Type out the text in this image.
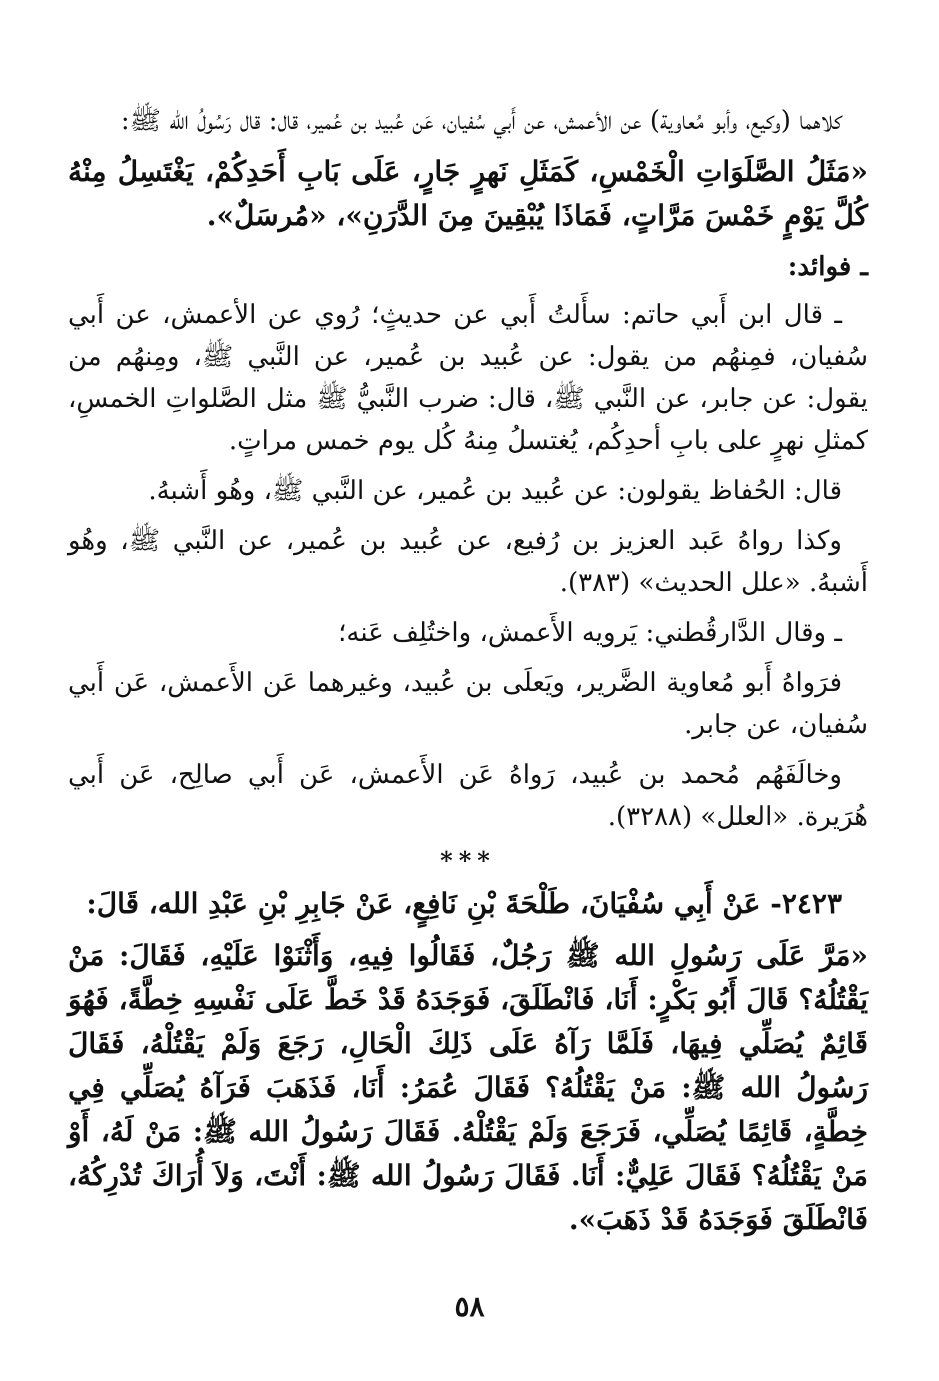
كلاهما (وكيع، وأبو مُعاوية) عن الأعمش، عن أَبي سُفيان، عَن عُبيد بن عُمير، قال: قال رَسُولُ الله ﷺ:

«مَثَلُ الصَّلَوَاتِ الْخَمْسِ، كَمَثَلِ نَهرٍ جَارٍ، عَلَى بَابِ أَحَدِكُمْ، يَغْتَسِلُ مِنْهُ كُلَّ يَوْمٍ خَمْسَ مَرَّاتٍ، فَمَاذَا يُبْقِينَ مِنَ الدَّرَنِ»، «مُرسَلٌ».

ـ فوائد:

ـ قال ابن أَبي حاتم: سأَلتُ أَبي عن حديثٍ؛ رُوي عن الأعمش، عن أَبي سُفيان، فمِنهُم من يقول: عن عُبيد بن عُمير، عن النَّبي ﷺ، ومِنهُم من يقول: عن جابر، عن النَّبي ﷺ، قال: ضرب النَّبيُّ ﷺ مثل الصَّلواتِ الخمسِ، كمثلِ نهرٍ على بابِ أحدِكُم، يُغتسلُ مِنهُ كُل يوم خمس مراتٍ.

قال: الحُفاظ يقولون: عن عُبيد بن عُمير، عن النَّبي ﷺ، وهُو أَشبهُ.

وكذا رواهُ عَبد العزيز بن رُفيع، عن عُبيد بن عُمير، عن النَّبي ﷺ، وهُو أَشبهُ. «علل الحديث» (٣٨٣).

ـ وقال الدَّارقُطني: يَرويه الأَعمش، واختُلِف عَنه؛

فرَواهُ أَبو مُعاوية الضَّرير، ويَعلَى بن عُبيد، وغيرهما عَن الأَعمش، عَن أَبي سُفيان، عن جابر.

وخالَفَهُم مُحمد بن عُبيد، رَواهُ عَن الأَعمش، عَن أَبي صالِح، عَن أَبي هُرَيرة. «العلل» (٣٢٨٨).

***

٢٤٢٣- عَنْ أَبِي سُفْيَانَ، طَلْحَةَ بْنِ نَافِعٍ، عَنْ جَابِرِ بْنِ عَبْدِ الله، قَالَ:

«مَرَّ عَلَى رَسُولِ الله ﷺ رَجُلٌ، فَقَالُوا فِيهِ، وَأَثْنَوْا عَلَيْهِ، فَقَالَ: مَنْ يَقْتُلُهُ؟ قَالَ أَبُو بَكْرٍ: أَنَا، فَانْطَلَقَ، فَوَجَدَهُ قَدْ خَطَّ عَلَى نَفْسِهِ خِطَّةً، فَهُوَ قَائِمٌ يُصَلِّي فِيهَا، فَلَمَّا رَآهُ عَلَى ذَلِكَ الْحَالِ، رَجَعَ وَلَمْ يَقْتُلْهُ، فَقَالَ رَسُولُ الله ﷺ: مَنْ يَقْتُلُهُ؟ فَقَالَ عُمَرُ: أَنَا، فَذَهَبَ فَرَآهُ يُصَلِّي فِي خِطَّةٍ، قَائِمًا يُصَلِّي، فَرَجَعَ وَلَمْ يَقْتُلْهُ. فَقَالَ رَسُولُ الله ﷺ: مَنْ لَهُ، أَوْ مَنْ يَقْتُلُهُ؟ فَقَالَ عَلِيٌّ: أَنَا. فَقَالَ رَسُولُ الله ﷺ: أَنْتَ، وَلاَ أُرَاكَ تُدْرِكُهُ، فَانْطَلَقَ فَوَجَدَهُ قَدْ ذَهَبَ».

٥٨
